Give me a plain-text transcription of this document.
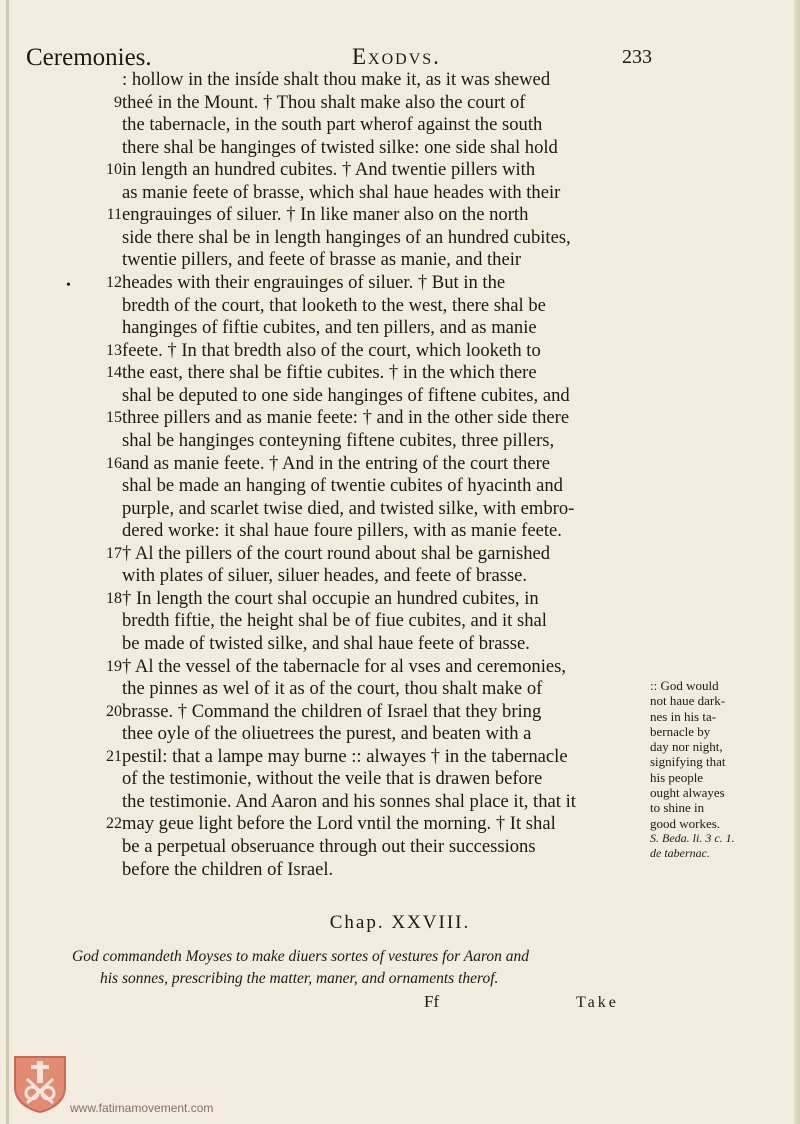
Ceremonies.	Exodvs.	233
•
: hollow in the insíde shalt thou make it, as it was shewed
9 theé in the Mount. † Thou shalt make also the court of
the tabernacle, in the south part wherof against the south
there shal be hanginges of twisted silke: one side shal hold
10 in length an hundred cubites. † And twentie pillers with
as manie feete of brasse, which shal haue heades with their
11 engrauinges of siluer. † In like maner also on the north
side there shal be in length hanginges of an hundred cubites,
twentie pillers, and feete of brasse as manie, and their
12 heades with their engrauinges of siluer. † But in the
bredth of the court, that looketh to the west, there shal be
hanginges of fiftie cubites, and ten pillers, and as manie
13 feete. † In that bredth also of the court, which looketh to
14 the east, there shal be fiftie cubites. † in the which there
shal be deputed to one side hanginges of fiftene cubites, and
15 three pillers and as manie feete: † and in the other side there
shal be hanginges conteyning fiftene cubites, three pillers,
16 and as manie feete. † And in the entring of the court there
shal be made an hanging of twentie cubites of hyacinth and
purple, and scarlet twise died, and twisted silke, with embro-
dered worke: it shal haue foure pillers, with as manie feete.
17 † Al the pillers of the court round about shal be garnished
with plates of siluer, siluer heades, and feete of brasse.
18 † In length the court shal occupie an hundred cubites, in
bredth fiftie, the height shal be of fiue cubites, and it shal
be made of twisted silke, and shal haue feete of brasse.
19 † Al the vessel of the tabernacle for al vses and ceremonies,
the pinnes as wel of it as of the court, thou shalt make of
20 brasse. † Command the children of Israel that they bring
thee oyle of the oliuetrees the purest, and beaten with a
21 pestil: that a lampe may burne :: alwayes † in the tabernacle
of the testimonie, without the veile that is drawen before
the testimonie. And Aaron and his sonnes shal place it, that it
22 may geue light before the Lord vntil the morning. † It shal
be a perpetual obseruance through out their successions
before the children of Israel.
:: God would
not haue dark-
nes in his ta-
bernacle by
day nor night,
signifying that
his people
ought alwayes
to shine in
good workes.
S. Beda. li. 3 c. 1.
de tabernac.
Chap. XXVIII.
God commandeth Moyses to make diuers sortes of vestures for Aaron and
his sonnes, prescribing the matter, maner, and ornaments therof.
Ff	Take
www.fatimamovement.com
